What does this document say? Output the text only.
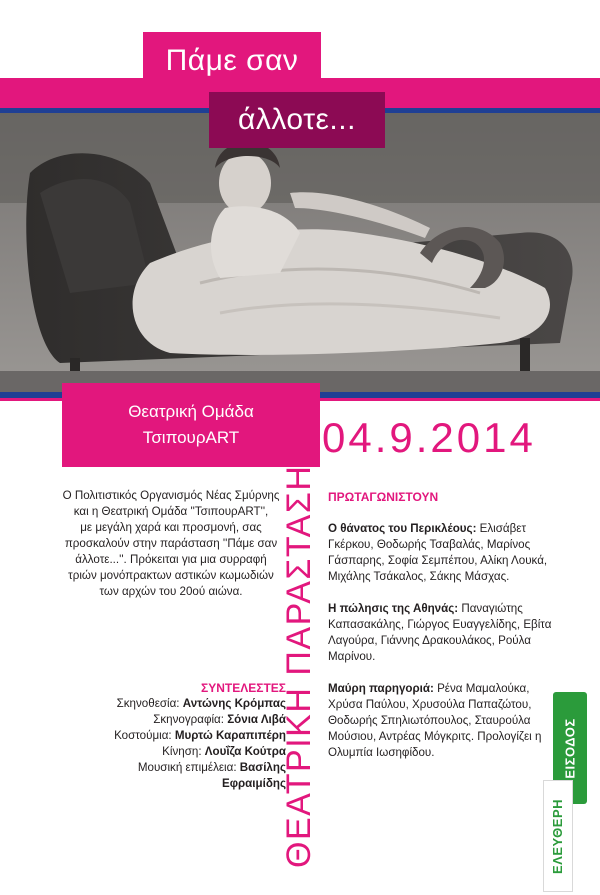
Πάμε σαν
άλλοτε...
Θεατρική Ομάδα
ΤσιπουρART 04.9.2014
ΘΕΑΤΡΙΚΗ ΠΑΡΑΣΤΑΣΗ
Ο Πολιτιστικός Οργανισμός Νέας Σμύρνης
και η Θεατρική Ομάδα ''ΤσιπουρART'',
με μεγάλη χαρά και προσμονή, σας
προσκαλούν στην παράσταση ''Πάμε σαν
άλλοτε...''. Πρόκειται για μια συρραφή
τριών μονόπρακτων αστικών κωμωδιών
των αρχών του 20ού αιώνα.
ΣΥΝΤΕΛΕΣΤΕΣ
Σκηνοθεσία: Αντώνης Κρόμπας
Σκηνογραφία: Σόνια Λιβά
Κοστούμια: Μυρτώ Καραπιπέρη
Κίνηση: Λουΐζα Κούτρα
Μουσική επιμέλεια: Βασίλης
Εφραιμίδης
ΠΡΩΤΑΓΩΝΙΣΤΟΥΝ
Ο θάνατος του Περικλέους: Ελισάβετ
Γκέρκου, Θοδωρής Τσαβαλάς, Μαρίνος
Γάσπαρης, Σοφία Σεμπέπου, Αλίκη Λουκά,
Μιχάλης Τσάκαλος, Σάκης Μάσχας.
Η πώλησις της Αθηνάς: Παναγιώτης
Καπασακάλης, Γιώργος Ευαγγελίδης, Εβίτα
Λαγούρα, Γιάννης Δρακουλάκος, Ρούλα
Μαρίνου.
Μαύρη παρηγοριά: Ρένα Μαμαλούκα,
Χρύσα Παύλου, Χρυσούλα Παπαζώτου,
Θοδωρής Σπηλιωτόπουλος, Σταυρούλα
Μούσιου, Αντρέας Μόγκριτς. Προλογίζει η
Ολυμπία Ιωσηφίδου.	ΕΙΣΟΔΟΣ
ΕΛΕΥΘΕΡΗ
